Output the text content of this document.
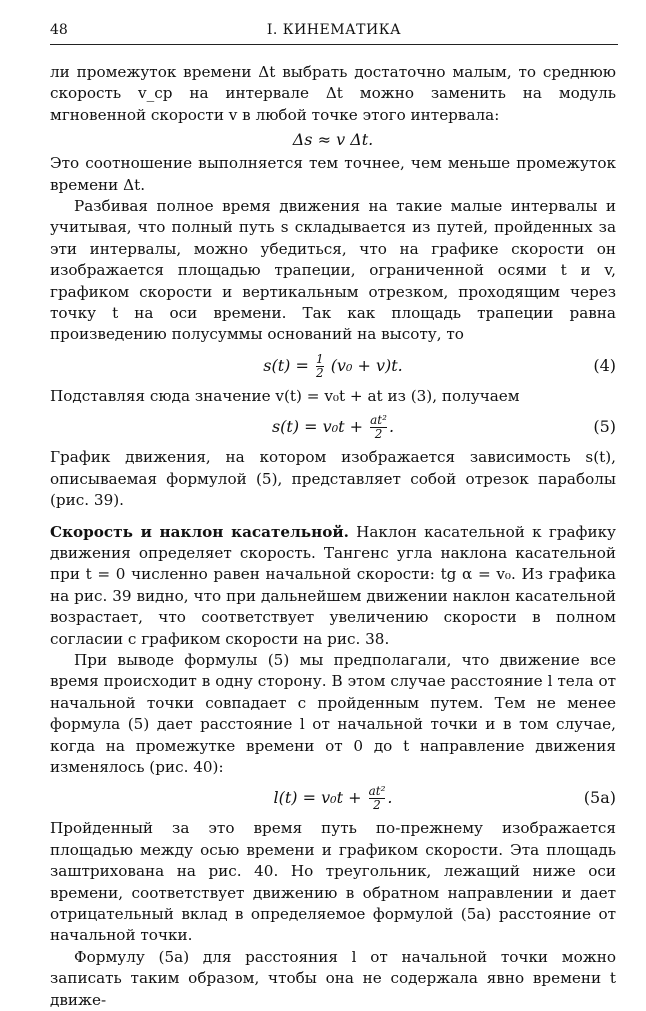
48	I. КИНЕМАТИКА

ли промежуток времени Δt выбрать достаточно малым, то среднюю скорость v_ср на интервале Δt можно заменить на модуль мгновенной скорости v в любой точке этого интервала:

Δs ≈ v Δt.

Это соотношение выполняется тем точнее, чем меньше промежуток времени Δt.

Разбивая полное время движения на такие малые интервалы и учитывая, что полный путь s складывается из путей, пройденных за эти интервалы, можно убедиться, что на графике скорости он изображается площадью трапеции, ограниченной осями t и v, графиком скорости и вертикальным отрезком, проходящим через точку t на оси времени. Так как площадь трапеции равна произведению полусуммы оснований на высоту, то

$s(t) = \frac{1}{2} (v_0 + v)t$.	(4)

Подставляя сюда значение v(t) = v₀t + at из (3), получаем

$s(t) = v_0t + \frac{\text{at²}}{2}$ .	(5)

График движения, на котором изображается зависимость s(t), описываемая формулой (5), представляет собой отрезок параболы (рис. 39).

Скорость и наклон касательной. Наклон касательной к графику движения определяет скорость. Тангенс угла наклона касательной при t = 0 численно равен начальной скорости: tg α = v₀. Из графика на рис. 39 видно, что при дальнейшем движении наклон касательной возрастает, что соответствует увеличению скорости в полном согласии с графиком скорости на рис. 38.

При выводе формулы (5) мы предполагали, что движение все время происходит в одну сторону. В этом случае расстояние l тела от начальной точки совпадает с пройденным путем. Тем не менее формула (5) дает расстояние l от начальной точки и в том случае, когда на промежутке времени от 0 до t направление движения изменялось (рис. 40):

$l(t) = v_0t + \frac{\text{at²}}{2}$ .	(5а)

Пройденный за это время путь по-прежнему изображается площадью между осью времени и графиком скорости. Эта площадь заштрихована на рис. 40. Но треугольник, лежащий ниже оси времени, соответствует движению в обратном направлении и дает отрицательный вклад в определяемое формулой (5а) расстояние от начальной точки.

Формулу (5а) для расстояния l от начальной точки можно записать таким образом, чтобы она не содержала явно времени t движе-
